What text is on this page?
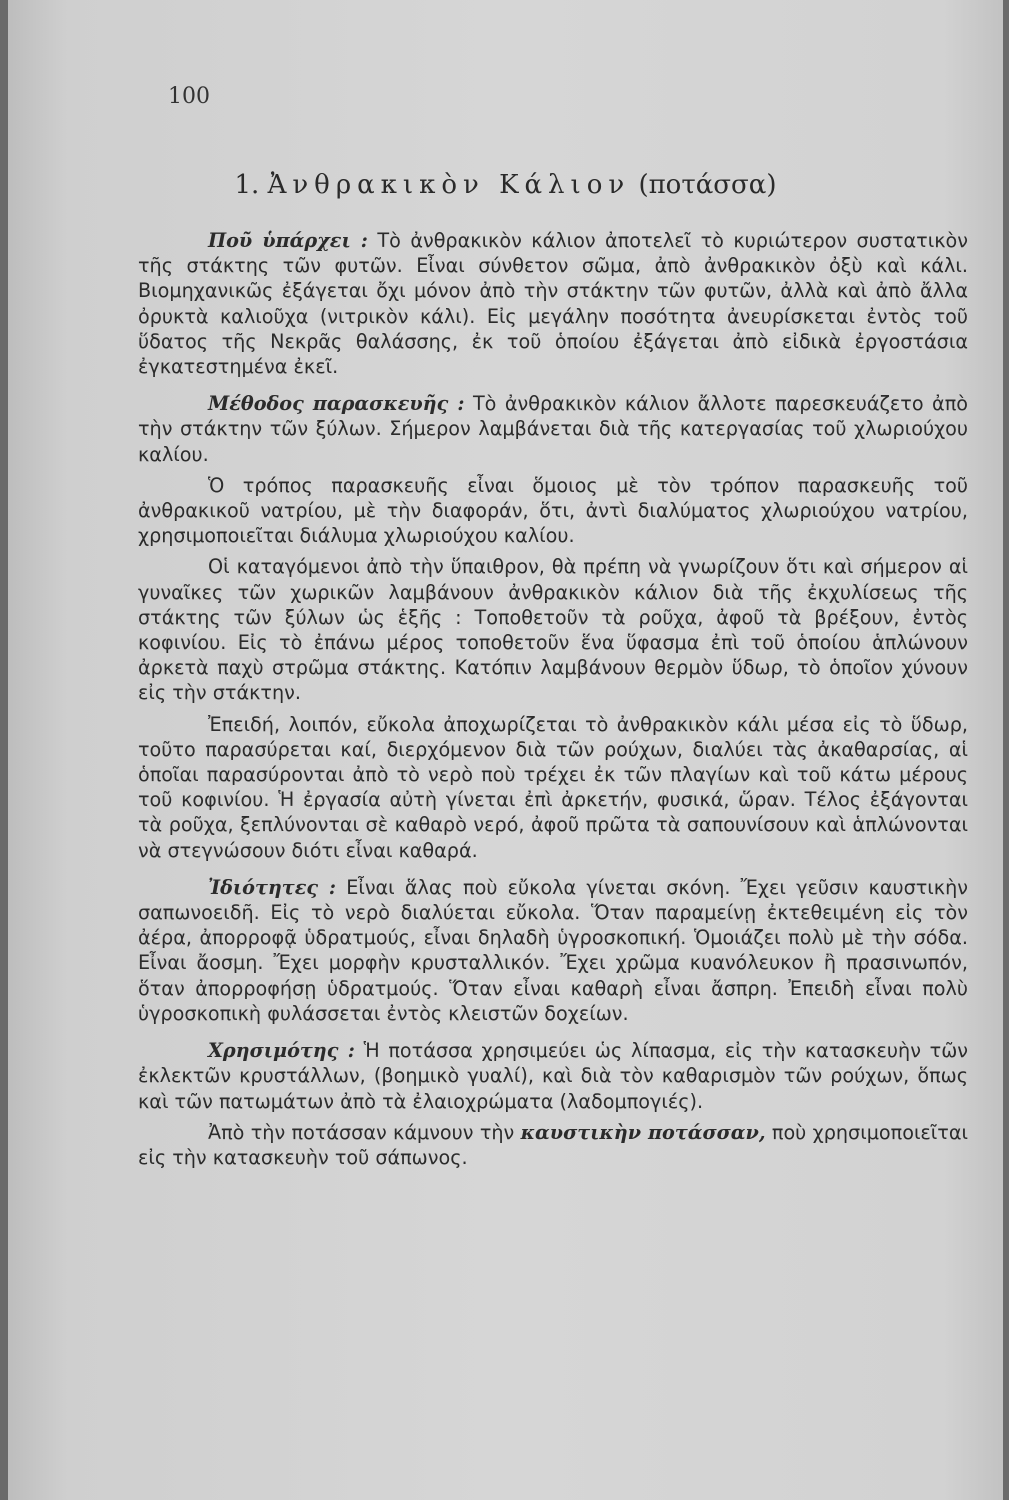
100
1. Ἀνθρακικὸν Κάλιον (ποτάσσα)

Ποῦ ὑπάρχει : Τὸ ἀνθρακικὸν κάλιον ἀποτελεῖ τὸ κυριώτερον συστατικὸν τῆς στάκτης τῶν φυτῶν. Εἶναι σύνθετον σῶμα, ἀπὸ ἀνθρακικὸν ὀξὺ καὶ κάλι. Βιομηχανικῶς ἐξάγεται ὄχι μόνον ἀπὸ τὴν στάκτην τῶν φυτῶν, ἀλλὰ καὶ ἀπὸ ἄλλα ὀρυκτὰ καλιοῦχα (νιτρικὸν κάλι). Εἰς μεγάλην ποσότητα ἀνευρίσκεται ἐντὸς τοῦ ὕδατος τῆς Νεκρᾶς θαλάσσης, ἐκ τοῦ ὁποίου ἐξάγεται ἀπὸ εἰδικὰ ἐργοστάσια ἐγκατεστημένα ἐκεῖ.

Μέθοδος παρασκευῆς : Τὸ ἀνθρακικὸν κάλιον ἄλλοτε παρεσκευάζετο ἀπὸ τὴν στάκτην τῶν ξύλων. Σήμερον λαμβάνεται διὰ τῆς κατεργασίας τοῦ χλωριούχου καλίου.

Ὁ τρόπος παρασκευῆς εἶναι ὅμοιος μὲ τὸν τρόπον παρασκευῆς τοῦ ἀνθρακικοῦ νατρίου, μὲ τὴν διαφοράν, ὅτι, ἀντὶ διαλύματος χλωριούχου νατρίου, χρησιμοποιεῖται διάλυμα χλωριούχου καλίου.

Οἱ καταγόμενοι ἀπὸ τὴν ὕπαιθρον, θὰ πρέπη νὰ γνωρίζουν ὅτι καὶ σήμερον αἱ γυναῖκες τῶν χωρικῶν λαμβάνουν ἀνθρακικὸν κάλιον διὰ τῆς ἐκχυλίσεως τῆς στάκτης τῶν ξύλων ὡς ἑξῆς : Τοποθετοῦν τὰ ροῦχα, ἀφοῦ τὰ βρέξουν, ἐντὸς κοφινίου. Εἰς τὸ ἐπάνω μέρος τοποθετοῦν ἕνα ὕφασμα ἐπὶ τοῦ ὁποίου ἁπλώνουν ἀρκετὰ παχὺ στρῶμα στάκτης. Κατόπιν λαμβάνουν θερμὸν ὕδωρ, τὸ ὁποῖον χύνουν εἰς τὴν στάκτην.

Ἐπειδή, λοιπόν, εὔκολα ἀποχωρίζεται τὸ ἀνθρακικὸν κάλι μέσα εἰς τὸ ὕδωρ, τοῦτο παρασύρεται καί, διερχόμενον διὰ τῶν ρούχων, διαλύει τὰς ἀκαθαρσίας, αἱ ὁποῖαι παρασύρονται ἀπὸ τὸ νερὸ ποὺ τρέχει ἐκ τῶν πλαγίων καὶ τοῦ κάτω μέρους τοῦ κοφινίου. Ἡ ἐργασία αὐτὴ γίνεται ἐπὶ ἀρκετήν, φυσικά, ὥραν. Τέλος ἐξάγονται τὰ ροῦχα, ξεπλύνονται σὲ καθαρὸ νερό, ἀφοῦ πρῶτα τὰ σαπουνίσουν καὶ ἁπλώνονται νὰ στεγνώσουν διότι εἶναι καθαρά.

Ἰδιότητες : Εἶναι ἅλας ποὺ εὔκολα γίνεται σκόνη. Ἔχει γεῦσιν καυστικὴν σαπωνοειδῆ. Εἰς τὸ νερὸ διαλύεται εὔκολα. Ὅταν παραμείνῃ ἐκτεθειμένη εἰς τὸν ἀέρα, ἀπορροφᾷ ὑδρατμούς, εἶναι δηλαδὴ ὑγροσκοπική. Ὁμοιάζει πολὺ μὲ τὴν σόδα. Εἶναι ἄοσμη. Ἔχει μορφὴν κρυσταλλικόν. Ἔχει χρῶμα κυανόλευκον ἢ πρασινωπόν, ὅταν ἀπορροφήσῃ ὑδρατμούς. Ὅταν εἶναι καθαρὴ εἶναι ἄσπρη. Ἐπειδὴ εἶναι πολὺ ὑγροσκοπικὴ φυλάσσεται ἐντὸς κλειστῶν δοχείων.

Χρησιμότης : Ἡ ποτάσσα χρησιμεύει ὡς λίπασμα, εἰς τὴν κατασκευὴν τῶν ἐκλεκτῶν κρυστάλλων, (βοημικὸ γυαλί), καὶ διὰ τὸν καθαρισμὸν τῶν ρούχων, ὅπως καὶ τῶν πατωμάτων ἀπὸ τὰ ἐλαιοχρώματα (λαδομπογιές).

Ἀπὸ τὴν ποτάσσαν κάμνουν τὴν καυστικὴν ποτάσσαν, ποὺ χρησιμοποιεῖται εἰς τὴν κατασκευὴν τοῦ σάπωνος.
